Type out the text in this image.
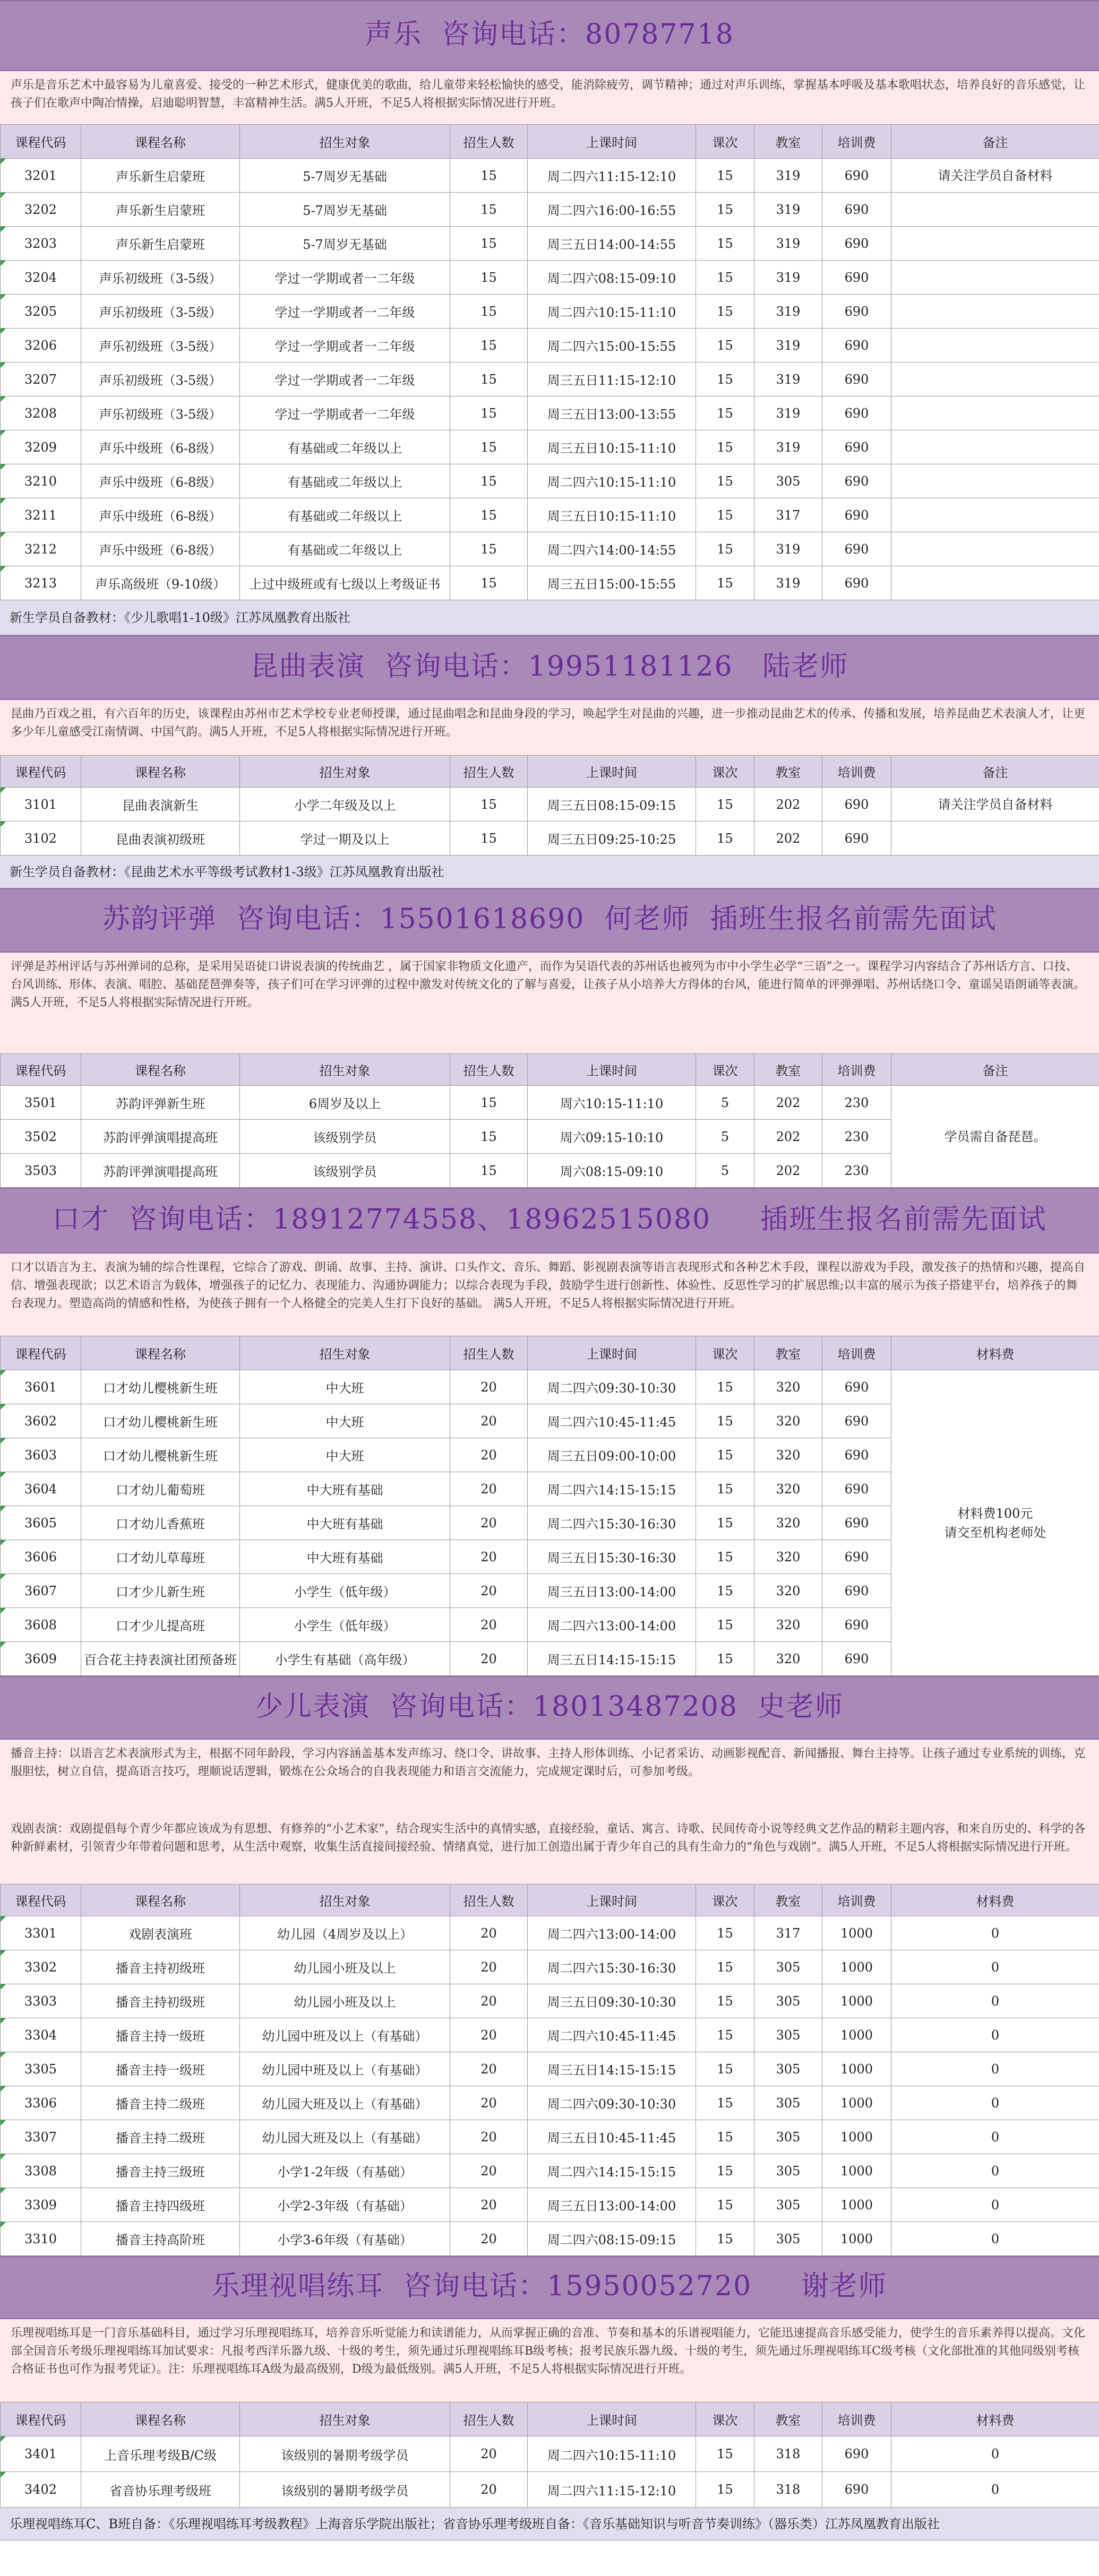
声乐  咨询电话：80787718

声乐是音乐艺术中最容易为儿童喜爱、接受的一种艺术形式，健康优美的歌曲，给儿童带来轻松愉快的感受，能消除疲劳，调节精神；通过对声乐训练，掌握基本呼吸及基本歌唱状态，培养良好的音乐感觉，让孩子们在歌声中陶冶情操，启迪聪明智慧，丰富精神生活。满5人开班，不足5人将根据实际情况进行开班。

课程代码	课程名称	招生对象	招生人数	上课时间	课次	教室	培训费	备注
3201	声乐新生启蒙班	5-7周岁无基础	15	周二四六11:15-12:10	15	319	690	请关注学员自备材料
3202	声乐新生启蒙班	5-7周岁无基础	15	周二四六16:00-16:55	15	319	690	
3203	声乐新生启蒙班	5-7周岁无基础	15	周三五日14:00-14:55	15	319	690	
3204	声乐初级班（3-5级）	学过一学期或者一二年级	15	周二四六08:15-09:10	15	319	690	
3205	声乐初级班（3-5级）	学过一学期或者一二年级	15	周二四六10:15-11:10	15	319	690	
3206	声乐初级班（3-5级）	学过一学期或者一二年级	15	周二四六15:00-15:55	15	319	690	
3207	声乐初级班（3-5级）	学过一学期或者一二年级	15	周三五日11:15-12:10	15	319	690	
3208	声乐初级班（3-5级）	学过一学期或者一二年级	15	周三五日13:00-13:55	15	319	690	
3209	声乐中级班（6-8级）	有基础或二年级以上	15	周三五日10:15-11:10	15	319	690	
3210	声乐中级班（6-8级）	有基础或二年级以上	15	周二四六10:15-11:10	15	305	690	
3211	声乐中级班（6-8级）	有基础或二年级以上	15	周三五日10:15-11:10	15	317	690	
3212	声乐中级班（6-8级）	有基础或二年级以上	15	周二四六14:00-14:55	15	319	690	
3213	声乐高级班（9-10级）	上过中级班或有七级以上考级证书	15	周三五日15:00-15:55	15	319	690	
新生学员自备教材：《少儿歌唱1-10级》江苏凤凰教育出版社
昆曲表演  咨询电话：19951181126   陆老师

昆曲乃百戏之祖，有六百年的历史，该课程由苏州市艺术学校专业老师授课，通过昆曲唱念和昆曲身段的学习，唤起学生对昆曲的兴趣，进一步推动昆曲艺术的传承、传播和发展，培养昆曲艺术表演人才，让更多少年儿童感受江南情调、中国气韵。满5人开班，不足5人将根据实际情况进行开班。

课程代码	课程名称	招生对象	招生人数	上课时间	课次	教室	培训费	备注
3101	昆曲表演新生	小学二年级及以上	15	周三五日08:15-09:15	15	202	690	请关注学员自备材料
3102	昆曲表演初级班	学过一期及以上	15	周三五日09:25-10:25	15	202	690	
新生学员自备教材：《昆曲艺术水平等级考试教材1-3级》江苏凤凰教育出版社
苏韵评弹  咨询电话：15501618690  何老师  插班生报名前需先面试

评弹是苏州评话与苏州弹词的总称，是采用吴语徒口讲说表演的传统曲艺 ，属于国家非物质文化遗产，而作为吴语代表的苏州话也被列为市中小学生必学“三语”之一。课程学习内容结合了苏州话方言、口技、台风训练、形体、表演、唱腔、基础琵琶弹奏等，孩子们可在学习评弹的过程中激发对传统文化的了解与喜爱，让孩子从小培养大方得体的台风，能进行简单的评弹弹唱、苏州话绕口令、童谣吴语朗诵等表演。满5人开班，不足5人将根据实际情况进行开班。

课程代码	课程名称	招生对象	招生人数	上课时间	课次	教室	培训费	备注
3501	苏韵评弹新生班	6周岁及以上	15	周六10:15-11:10	5	202	230	学员需自备琵琶。
3502	苏韵评弹演唱提高班	该级别学员	15	周六09:15-10:10	5	202	230	
3503	苏韵评弹演唱提高班	该级别学员	15	周六08:15-09:10	5	202	230	
口才  咨询电话：18912774558、18962515080     插班生报名前需先面试

口才以语言为主、表演为辅的综合性课程，它综合了游戏、朗诵、故事、主持、演讲、口头作文、音乐、舞蹈、影视剧表演等语言表现形式和各种艺术手段，课程以游戏为手段，激发孩子的热情和兴趣，提高自信、增强表现欲；以艺术语言为载体，增强孩子的记忆力、表现能力、沟通协调能力；以综合表现为手段，鼓励学生进行创新性、体验性、反思性学习的扩展思维;以丰富的展示为孩子搭建平台，培养孩子的舞台表现力。塑造高尚的情感和性格，为使孩子拥有一个人格健全的完美人生打下良好的基础。 满5人开班，不足5人将根据实际情况进行开班。

课程代码	课程名称	招生对象	招生人数	上课时间	课次	教室	培训费	材料费
3601	口才幼儿樱桃新生班	中大班	20	周二四六09:30-10:30	15	320	690	材料费100元
请交至机构老师处
3602	口才幼儿樱桃新生班	中大班	20	周二四六10:45-11:45	15	320	690	
3603	口才幼儿樱桃新生班	中大班	20	周三五日09:00-10:00	15	320	690	
3604	口才幼儿葡萄班	中大班有基础	20	周二四六14:15-15:15	15	320	690	
3605	口才幼儿香蕉班	中大班有基础	20	周二四六15:30-16:30	15	320	690	
3606	口才幼儿草莓班	中大班有基础	20	周三五日15:30-16:30	15	320	690	
3607	口才少儿新生班	小学生（低年级）	20	周三五日13:00-14:00	15	320	690	
3608	口才少儿提高班	小学生（低年级）	20	周二四六13:00-14:00	15	320	690	
3609	百合花主持表演社团预备班	小学生有基础（高年级）	20	周三五日14:15-15:15	15	320	690	
少儿表演  咨询电话：18013487208  史老师

播音主持：以语言艺术表演形式为主，根据不同年龄段，学习内容涵盖基本发声练习、绕口令、讲故事、主持人形体训练、小记者采访、动画影视配音、新闻播报、舞台主持等。让孩子通过专业系统的训练，克服胆怯，树立自信，提高语言技巧，理顺说话逻辑，锻炼在公众场合的自我表现能力和语言交流能力，完成规定课时后，可参加考级。

戏剧表演：戏剧提倡每个青少年都应该成为有思想、有修养的“小艺术家”，结合现实生活中的真情实感，直接经验，童话、寓言、诗歌、民间传奇小说等经典文艺作品的精彩主题内容，和来自历史的、科学的各种新鲜素材，引领青少年带着问题和思考，从生活中观察，收集生活直接间接经验、情绪真觉，进行加工创造出属于青少年自己的具有生命力的“角色与戏剧”。满5人开班，不足5人将根据实际情况进行开班。

课程代码	课程名称	招生对象	招生人数	上课时间	课次	教室	培训费	材料费
3301	戏剧表演班	幼儿园（4周岁及以上）	20	周二四六13:00-14:00	15	317	1000	0
3302	播音主持初级班	幼儿园小班及以上	20	周二四六15:30-16:30	15	305	1000	0
3303	播音主持初级班	幼儿园小班及以上	20	周三五日09:30-10:30	15	305	1000	0
3304	播音主持一级班	幼儿园中班及以上（有基础）	20	周二四六10:45-11:45	15	305	1000	0
3305	播音主持一级班	幼儿园中班及以上（有基础）	20	周三五日14:15-15:15	15	305	1000	0
3306	播音主持二级班	幼儿园大班及以上（有基础）	20	周二四六09:30-10:30	15	305	1000	0
3307	播音主持二级班	幼儿园大班及以上（有基础）	20	周三五日10:45-11:45	15	305	1000	0
3308	播音主持三级班	小学1-2年级（有基础）	20	周二四六14:15-15:15	15	305	1000	0
3309	播音主持四级班	小学2-3年级（有基础）	20	周三五日13:00-14:00	15	305	1000	0
3310	播音主持高阶班	小学3-6年级（有基础）	20	周二四六08:15-09:15	15	305	1000	0
乐理视唱练耳  咨询电话：15950052720     谢老师

乐理视唱练耳是一门音乐基础科目，通过学习乐理视唱练耳，培养音乐听觉能力和读谱能力，从而掌握正确的音准、节奏和基本的乐谱视唱能力，它能迅速提高音乐感受能力，使学生的音乐素养得以提高。文化部全国音乐考级乐理视唱练耳加试要求：凡报考西洋乐器九级、十级的考生，须先通过乐理视唱练耳B级考核；报考民族乐器九级、十级的考生，须先通过乐理视唱练耳C级考核（文化部批准的其他同级别考核合格证书也可作为报考凭证）。注：乐理视唱练耳A级为最高级别，D级为最低级别。满5人开班，不足5人将根据实际情况进行开班。

课程代码	课程名称	招生对象	招生人数	上课时间	课次	教室	培训费	材料费
3401	上音乐理考级B/C级	该级别的暑期考级学员	20	周二四六10:15-11:10	15	318	690	0
3402	省音协乐理考级班	该级别的暑期考级学员	20	周二四六11:15-12:10	15	318	690	0
乐理视唱练耳C、B班自备：《乐理视唱练耳考级教程》上海音乐学院出版社；省音协乐理考级班自备：《音乐基础知识与听音节奏训练》（器乐类）江苏凤凰教育出版社
